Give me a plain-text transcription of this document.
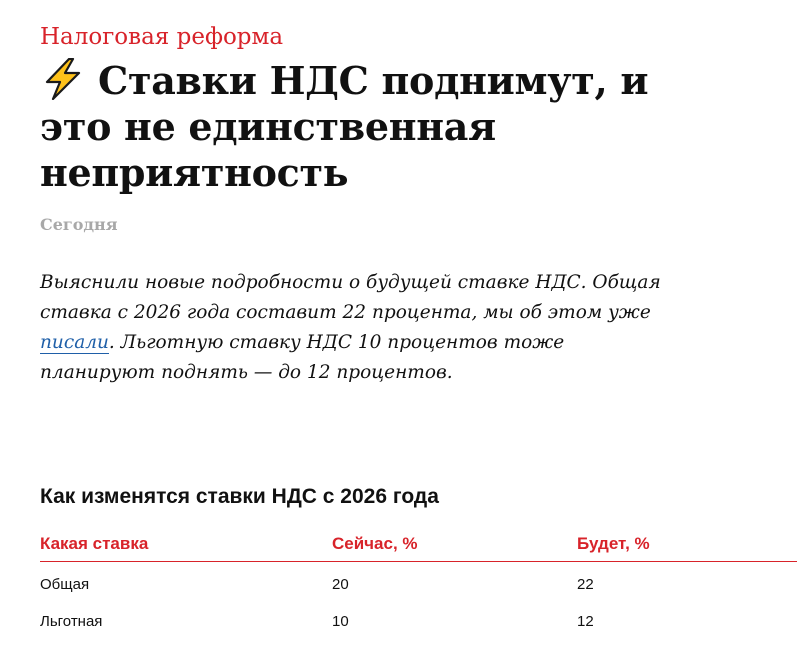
Налоговая реформа
Ставки НДС поднимут, и это не единственная неприятность
Сегодня

Выяснили новые подробности о будущей ставке НДС. Общая ставка с 2026 года составит 22 процента, мы об этом уже писали. Льготную ставку НДС 10 процентов тоже планируют поднять — до 12 процентов.

Как изменятся ставки НДС с 2026 года
Какая ставка	Сейчас, %	Будет, %
Общая	20	22
Льготная	10	12
